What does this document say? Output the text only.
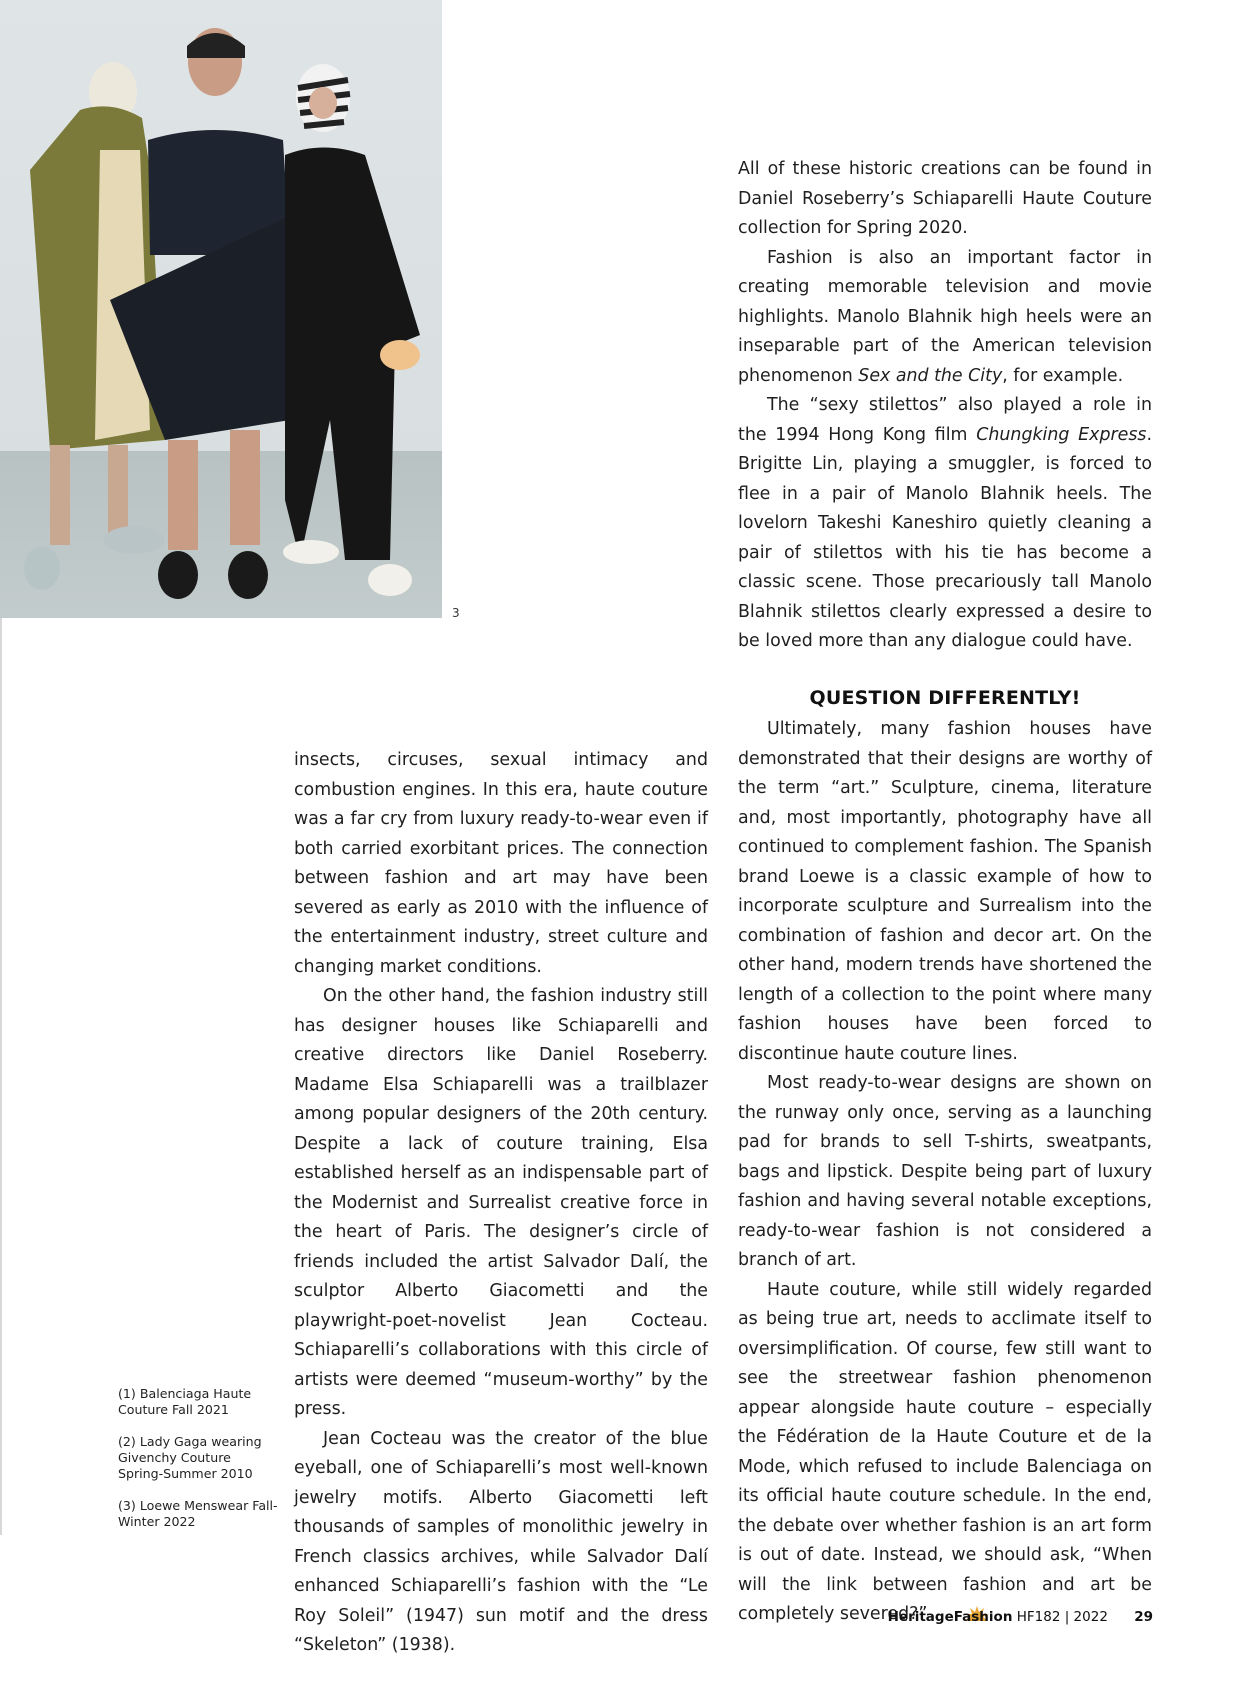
3

insects, circuses, sexual intimacy and combustion engines. In this era, haute couture was a far cry from luxury ready-to-wear even if both carried exorbitant prices. The connection between fashion and art may have been severed as early as 2010 with the influence of the entertainment industry, street culture and changing market conditions.

On the other hand, the fashion industry still has designer houses like Schiaparelli and creative directors like Daniel Roseberry. Madame Elsa Schiaparelli was a trailblazer among popular designers of the 20th century. Despite a lack of couture training, Elsa established herself as an indispensable part of the Modernist and Surrealist creative force in the heart of Paris. The designer’s circle of friends included the artist Salvador Dalí, the sculptor Alberto Giacometti and the playwright-poet-novelist Jean Cocteau. Schiaparelli’s collaborations with this circle of artists were deemed “museum-worthy” by the press.

Jean Cocteau was the creator of the blue eyeball, one of Schiaparelli’s most well-known jewelry motifs. Alberto Giacometti left thousands of samples of monolithic jewelry in French classics archives, while Salvador Dalí enhanced Schiaparelli’s fashion with the “Le Roy Soleil” (1947) sun motif and the dress “Skeleton” (1938).

All of these historic creations can be found in Daniel Roseberry’s Schiaparelli Haute Couture collection for Spring 2020.

Fashion is also an important factor in creating memorable television and movie highlights. Manolo Blahnik high heels were an inseparable part of the American television phenomenon Sex and the City, for example.

The “sexy stilettos” also played a role in the 1994 Hong Kong film Chungking Express. Brigitte Lin, playing a smuggler, is forced to flee in a pair of Manolo Blahnik heels. The lovelorn Takeshi Kaneshiro quietly cleaning a pair of stilettos with his tie has become a classic scene. Those precariously tall Manolo Blahnik stilettos clearly expressed a desire to be loved more than any dialogue could have.

QUESTION DIFFERENTLY!

Ultimately, many fashion houses have demonstrated that their designs are worthy of the term “art.” Sculpture, cinema, literature and, most importantly, photography have all continued to complement fashion. The Spanish brand Loewe is a classic example of how to incorporate sculpture and Surrealism into the combination of fashion and decor art. On the other hand, modern trends have shortened the length of a collection to the point where many fashion houses have been forced to discontinue haute couture lines.

Most ready-to-wear designs are shown on the runway only once, serving as a launching pad for brands to sell T-shirts, sweatpants, bags and lipstick. Despite being part of luxury fashion and having several notable exceptions, ready-to-wear fashion is not considered a branch of art.

Haute couture, while still widely regarded as being true art, needs to acclimate itself to oversimplification. Of course, few still want to see the streetwear fashion phenomenon appear alongside haute couture – especially the Fédération de la Haute Couture et de la Mode, which refused to include Balenciaga on its official haute couture schedule. In the end, the debate over whether fashion is an art form is out of date. Instead, we should ask, “When will the link between fashion and art be completely severed?”

(1) Balenciaga Haute Couture Fall 2021

(2) Lady Gaga wearing Givenchy Couture Spring-Summer 2010

(3) Loewe Menswear Fall-Winter 2022

HeritageFashion HF182 | 2022 29
